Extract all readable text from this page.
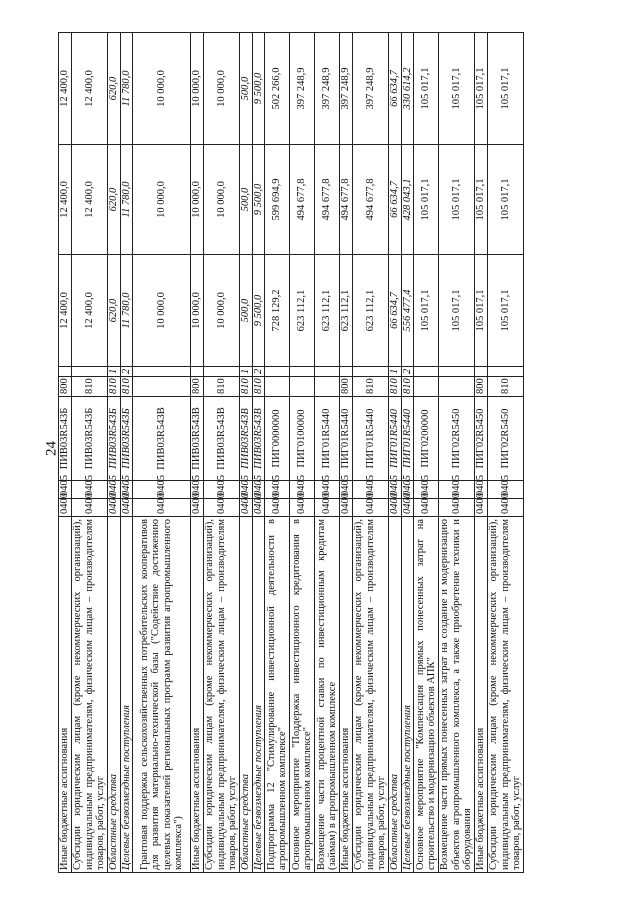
24
Иные бюджетные ассигнования	0400	0405	ПИВ03R543Б	800		12 400,0	12 400,0	12 400,0
Субсидии юридическим лицам (кроме некоммерческих организаций), индивидуальным предпринимателям, физическим лицам – производителям товаров, работ, услуг	0400	0405	ПИВ03R543Б	810		12 400,0	12 400,0	12 400,0
Областные средства	0400	0405	ПИВ03R543Б	810	1	620,0	620,0	620,0
Целевые безвозмездные поступления	0400	0405	ПИВ03R543Б	810	2	11 780,0	11 780,0	11 780,0
Грантовая поддержка сельскохозяйственных потребительских кооперативов для развития материально-технической базы ("Содействие достижению целевых показателей региональных программ развития агропромышленного комплекса")	0400	0405	ПИВ03R543В			10 000,0	10 000,0	10 000,0
Иные бюджетные ассигнования	0400	0405	ПИВ03R543В	800		10 000,0	10 000,0	10 000,0
Субсидии юридическим лицам (кроме некоммерческих организаций), индивидуальным предпринимателям, физическим лицам – производителям товаров, работ, услуг	0400	0405	ПИВ03R543В	810		10 000,0	10 000,0	10 000,0
Областные средства	0400	0405	ПИВ03R543В	810	1	500,0	500,0	500,0
Целевые безвозмездные поступления	0400	0405	ПИВ03R543В	810	2	9 500,0	9 500,0	9 500,0
Подпрограмма 12 "Стимулирование инвестиционной деятельности в агропромышленном комплексе"	0400	0405	ПИГ0000000			728 129,2	599 694,9	502 266,0
Основное мероприятие "Поддержка инвестиционного кредитования в агропромышленном комплексе"	0400	0405	ПИГ0100000			623 112,1	494 677,8	397 248,9
Возмещение части процентной ставки по инвестиционным кредитам (займам) в агропромышленном комплексе	0400	0405	ПИГ01R5440			623 112,1	494 677,8	397 248,9
Иные бюджетные ассигнования	0400	0405	ПИГ01R5440	800		623 112,1	494 677,8	397 248,9
Субсидии юридическим лицам (кроме некоммерческих организаций), индивидуальным предпринимателям, физическим лицам – производителям товаров, работ, услуг	0400	0405	ПИГ01R5440	810		623 112,1	494 677,8	397 248,9
Областные средства	0400	0405	ПИГ01R5440	810	1	66 634,7	66 634,7	66 634,7
Целевые безвозмездные поступления	0400	0405	ПИГ01R5440	810	2	556 477,4	428 043,1	330 614,2
Основное мероприятие "Компенсация прямых понесенных затрат на строительство и модернизацию объектов АПК"	0400	0405	ПИГ0200000			105 017,1	105 017,1	105 017,1
Возмещение части прямых понесенных затрат на создание и модернизацию объектов агропромышленного комплекса, а также приобретение техники и оборудования	0400	0405	ПИГ02R5450			105 017,1	105 017,1	105 017,1
Иные бюджетные ассигнования	0400	0405	ПИГ02R5450	800		105 017,1	105 017,1	105 017,1
Субсидии юридическим лицам (кроме некоммерческих организаций), индивидуальным предпринимателям, физическим лицам – производителям товаров, работ, услуг	0400	0405	ПИГ02R5450	810		105 017,1	105 017,1	105 017,1
